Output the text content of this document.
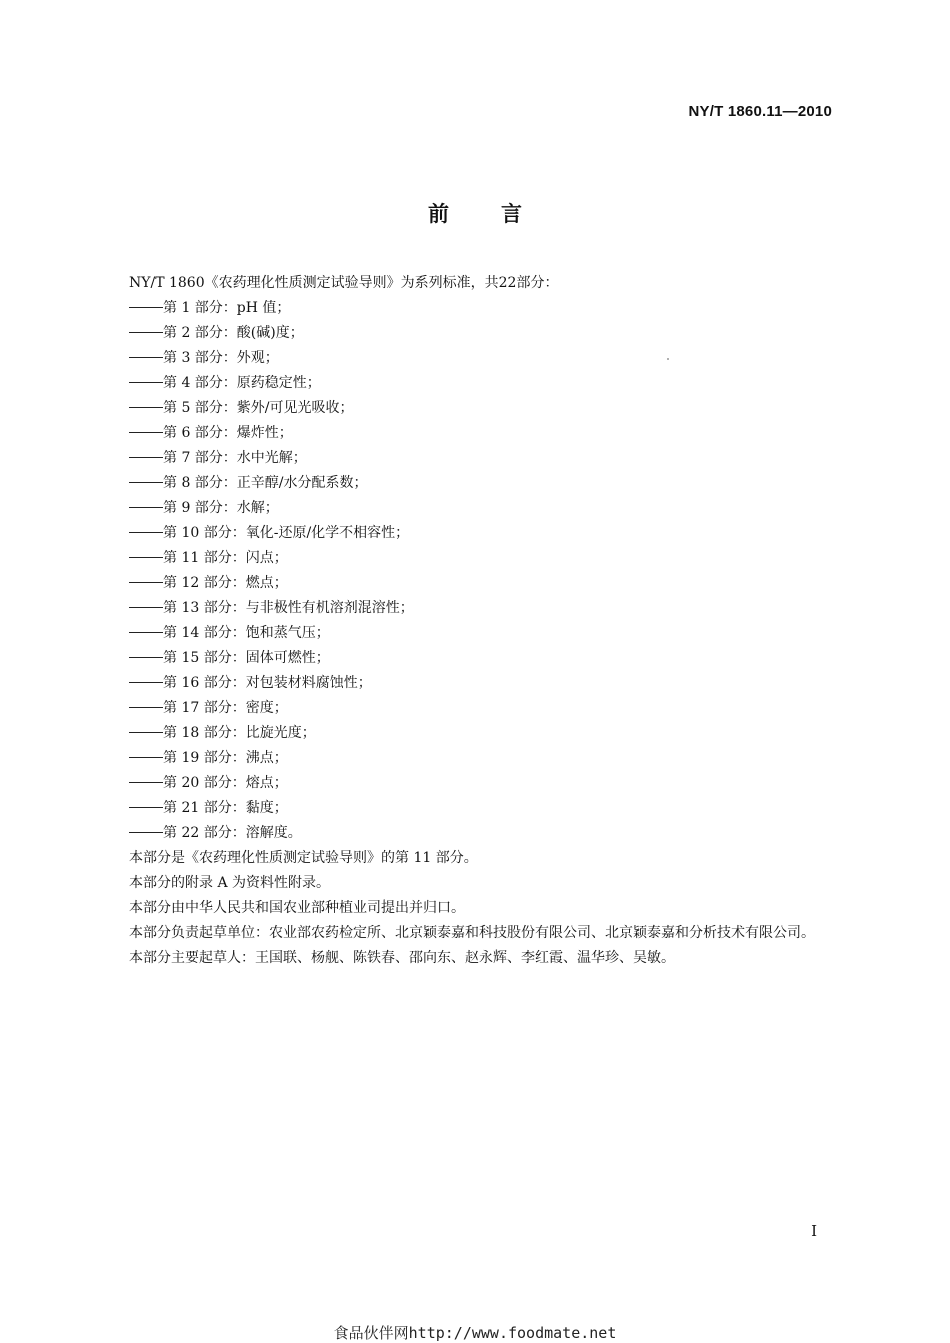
NY/T 1860.11—2010
前言
NY/T 1860《农药理化性质测定试验导则》为系列标准，共22部分：
第 1 部分：pH 值；
第 2 部分：酸(碱)度；
第 3 部分：外观；
第 4 部分：原药稳定性；
第 5 部分：紫外/可见光吸收；
第 6 部分：爆炸性；
第 7 部分：水中光解；
第 8 部分：正辛醇/水分配系数；
第 9 部分：水解；
第 10 部分：氧化-还原/化学不相容性；
第 11 部分：闪点；
第 12 部分：燃点；
第 13 部分：与非极性有机溶剂混溶性；
第 14 部分：饱和蒸气压；
第 15 部分：固体可燃性；
第 16 部分：对包装材料腐蚀性；
第 17 部分：密度；
第 18 部分：比旋光度；
第 19 部分：沸点；
第 20 部分：熔点；
第 21 部分：黏度；
第 22 部分：溶解度。

本部分是《农药理化性质测定试验导则》的第 11 部分。

本部分的附录 A 为资料性附录。

本部分由中华人民共和国农业部种植业司提出并归口。

本部分负责起草单位：农业部农药检定所、北京颖泰嘉和科技股份有限公司、北京颖泰嘉和分析技术有限公司。

本部分主要起草人：王国联、杨舰、陈铁春、邵向东、赵永辉、李红霞、温华珍、吴敏。

I
食品伙伴网http://www.foodmate.net
